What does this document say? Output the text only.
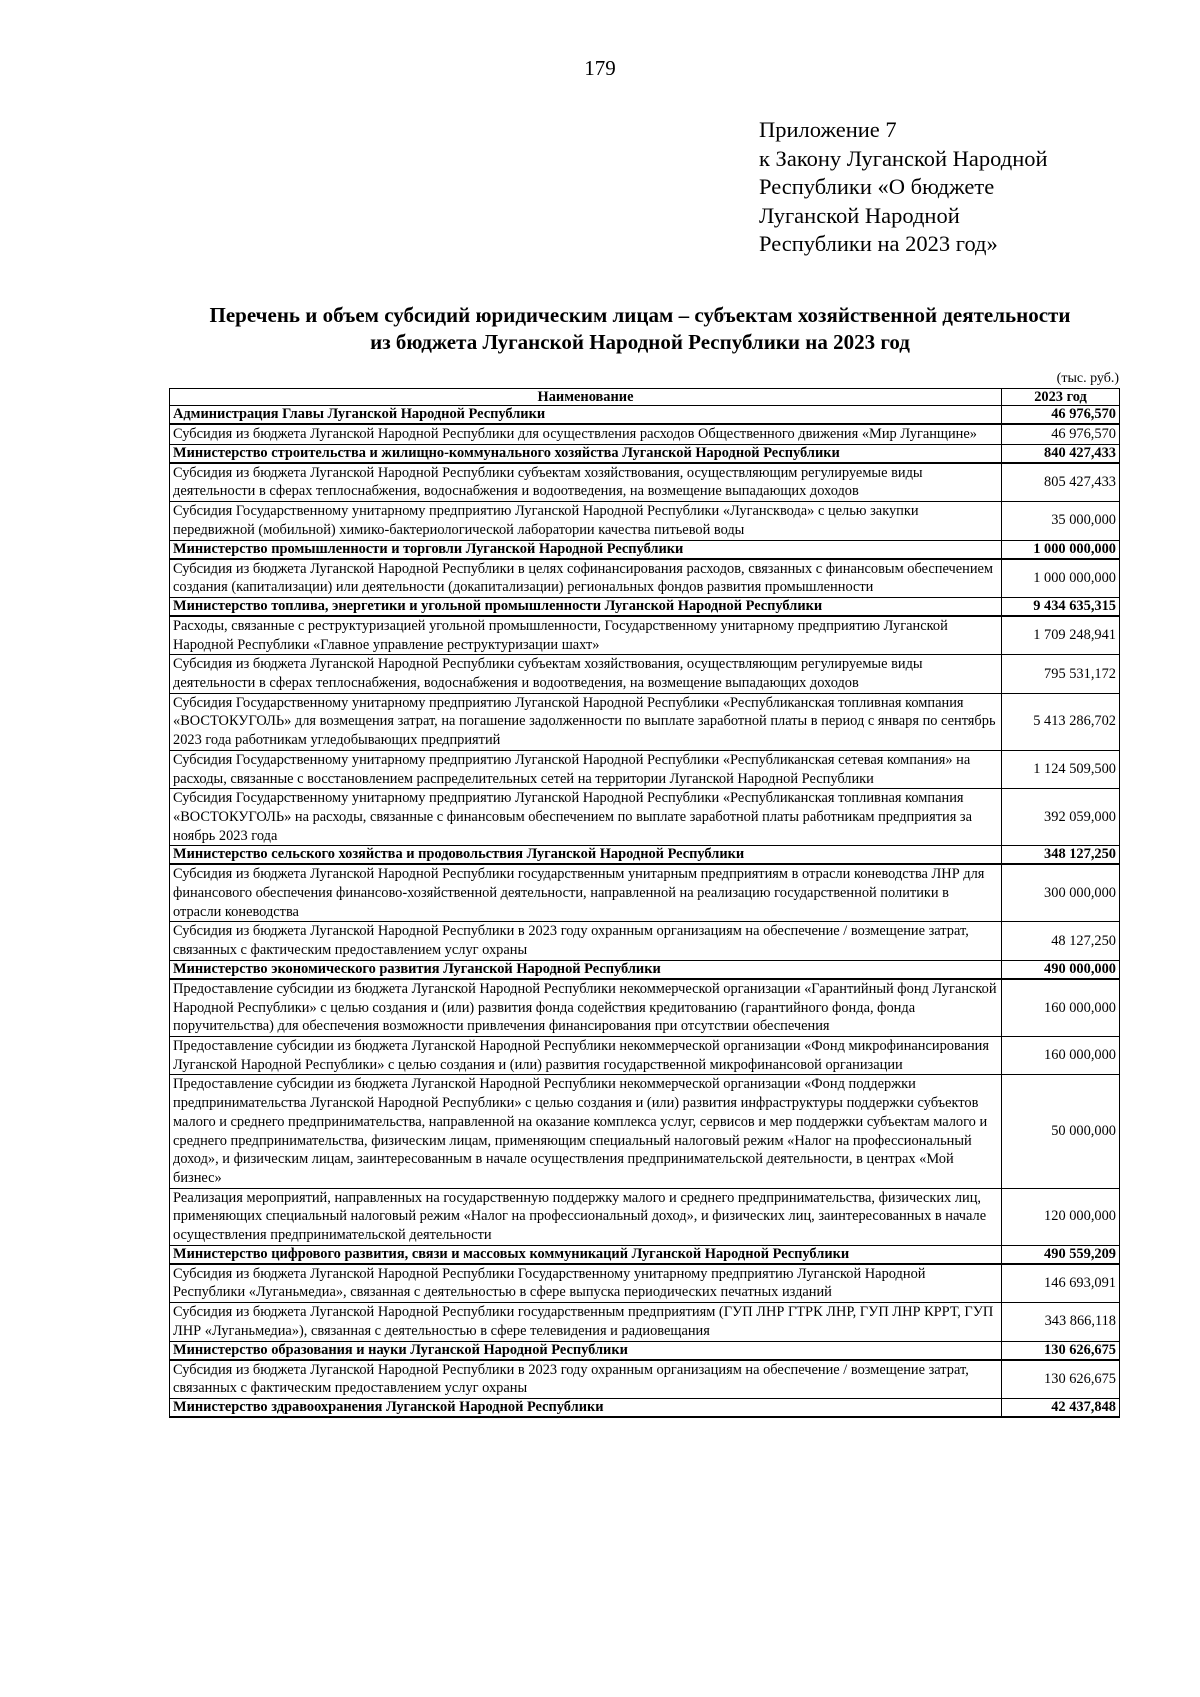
179
Приложение 7
к Закону Луганской Народной
Республики «О бюджете
Луганской Народной
Республики на 2023 год»
Перечень и объем субсидий юридическим лицам – субъектам хозяйственной деятельности
из бюджета Луганской Народной Республики на 2023 год
(тыс. руб.)
Наименование	2023 год
Администрация Главы Луганской Народной Республики	46 976,570
Субсидия из бюджета Луганской Народной Республики для осуществления расходов Общественного движения «Мир Луганщине»	46 976,570
Министерство строительства и жилищно-коммунального хозяйства Луганской Народной Республики	840 427,433
Субсидия из бюджета Луганской Народной Республики субъектам хозяйствования, осуществляющим регулируемые виды деятельности в сферах теплоснабжения, водоснабжения и водоотведения, на возмещение выпадающих доходов	805 427,433
Субсидия Государственному унитарному предприятию Луганской Народной Республики «Лугансквода» с целью закупки передвижной (мобильной) химико-бактериологической лаборатории качества питьевой воды	35 000,000
Министерство промышленности и торговли Луганской Народной Республики	1 000 000,000
Субсидия из бюджета Луганской Народной Республики в целях софинансирования расходов, связанных с финансовым обеспечением создания (капитализации) или деятельности (докапитализации) региональных фондов развития промышленности	1 000 000,000
Министерство топлива, энергетики и угольной промышленности Луганской Народной Республики	9 434 635,315
Расходы, связанные с реструктуризацией угольной промышленности, Государственному унитарному предприятию Луганской Народной Республики «Главное управление реструктуризации шахт»	1 709 248,941
Субсидия из бюджета Луганской Народной Республики субъектам хозяйствования, осуществляющим регулируемые виды деятельности в сферах теплоснабжения, водоснабжения и водоотведения, на возмещение выпадающих доходов	795 531,172
Субсидия Государственному унитарному предприятию Луганской Народной Республики «Республиканская топливная компания «ВОСТОКУГОЛЬ» для возмещения затрат, на погашение задолженности по выплате заработной платы в период с января по сентябрь 2023 года работникам угледобывающих предприятий	5 413 286,702
Субсидия Государственному унитарному предприятию Луганской Народной Республики «Республиканская сетевая компания» на расходы, связанные с восстановлением распределительных сетей на территории Луганской Народной Республики	1 124 509,500
Субсидия Государственному унитарному предприятию Луганской Народной Республики «Республиканская топливная компания «ВОСТОКУГОЛЬ» на расходы, связанные с финансовым обеспечением по выплате заработной платы работникам предприятия за ноябрь 2023 года	392 059,000
Министерство сельского хозяйства и продовольствия Луганской Народной Республики	348 127,250
Субсидия из бюджета Луганской Народной Республики государственным унитарным предприятиям в отрасли коневодства ЛНР для финансового обеспечения финансово-хозяйственной деятельности, направленной на реализацию государственной политики в отрасли коневодства	300 000,000
Субсидия из бюджета Луганской Народной Республики в 2023 году охранным организациям на обеспечение / возмещение затрат, связанных с фактическим предоставлением услуг охраны	48 127,250
Министерство экономического развития Луганской Народной Республики	490 000,000
Предоставление субсидии из бюджета Луганской Народной Республики некоммерческой организации «Гарантийный фонд Луганской Народной Республики» с целью создания и (или) развития фонда содействия кредитованию (гарантийного фонда, фонда поручительства) для обеспечения возможности привлечения финансирования при отсутствии обеспечения	160 000,000
Предоставление субсидии из бюджета Луганской Народной Республики некоммерческой организации «Фонд микрофинансирования Луганской Народной Республики» с целью создания и (или) развития государственной микрофинансовой организации	160 000,000
Предоставление субсидии из бюджета Луганской Народной Республики некоммерческой организации «Фонд поддержки предпринимательства Луганской Народной Республики» с целью создания и (или) развития инфраструктуры поддержки субъектов малого и среднего предпринимательства, направленной на оказание комплекса услуг, сервисов и мер поддержки субъектам малого и среднего предпринимательства, физическим лицам, применяющим специальный налоговый режим «Налог на профессиональный доход», и физическим лицам, заинтересованным в начале осуществления предпринимательской деятельности, в центрах «Мой бизнес»	50 000,000
Реализация мероприятий, направленных на государственную поддержку малого и среднего предпринимательства, физических лиц, применяющих специальный налоговый режим «Налог на профессиональный доход», и физических лиц, заинтересованных в начале осуществления предпринимательской деятельности	120 000,000
Министерство цифрового развития, связи и массовых коммуникаций Луганской Народной Республики	490 559,209
Субсидия из бюджета Луганской Народной Республики Государственному унитарному предприятию Луганской Народной Республики «Луганьмедиа», связанная с деятельностью в сфере выпуска периодических печатных изданий	146 693,091
Субсидия из бюджета Луганской Народной Республики государственным предприятиям (ГУП ЛНР ГТРК ЛНР, ГУП ЛНР КРРТ, ГУП ЛНР «Луганьмедиа»), связанная с деятельностью в сфере телевидения и радиовещания	343 866,118
Министерство образования и науки Луганской Народной Республики	130 626,675
Субсидия из бюджета Луганской Народной Республики в 2023 году охранным организациям на обеспечение / возмещение затрат, связанных с фактическим предоставлением услуг охраны	130 626,675
Министерство здравоохранения Луганской Народной Республики	42 437,848
